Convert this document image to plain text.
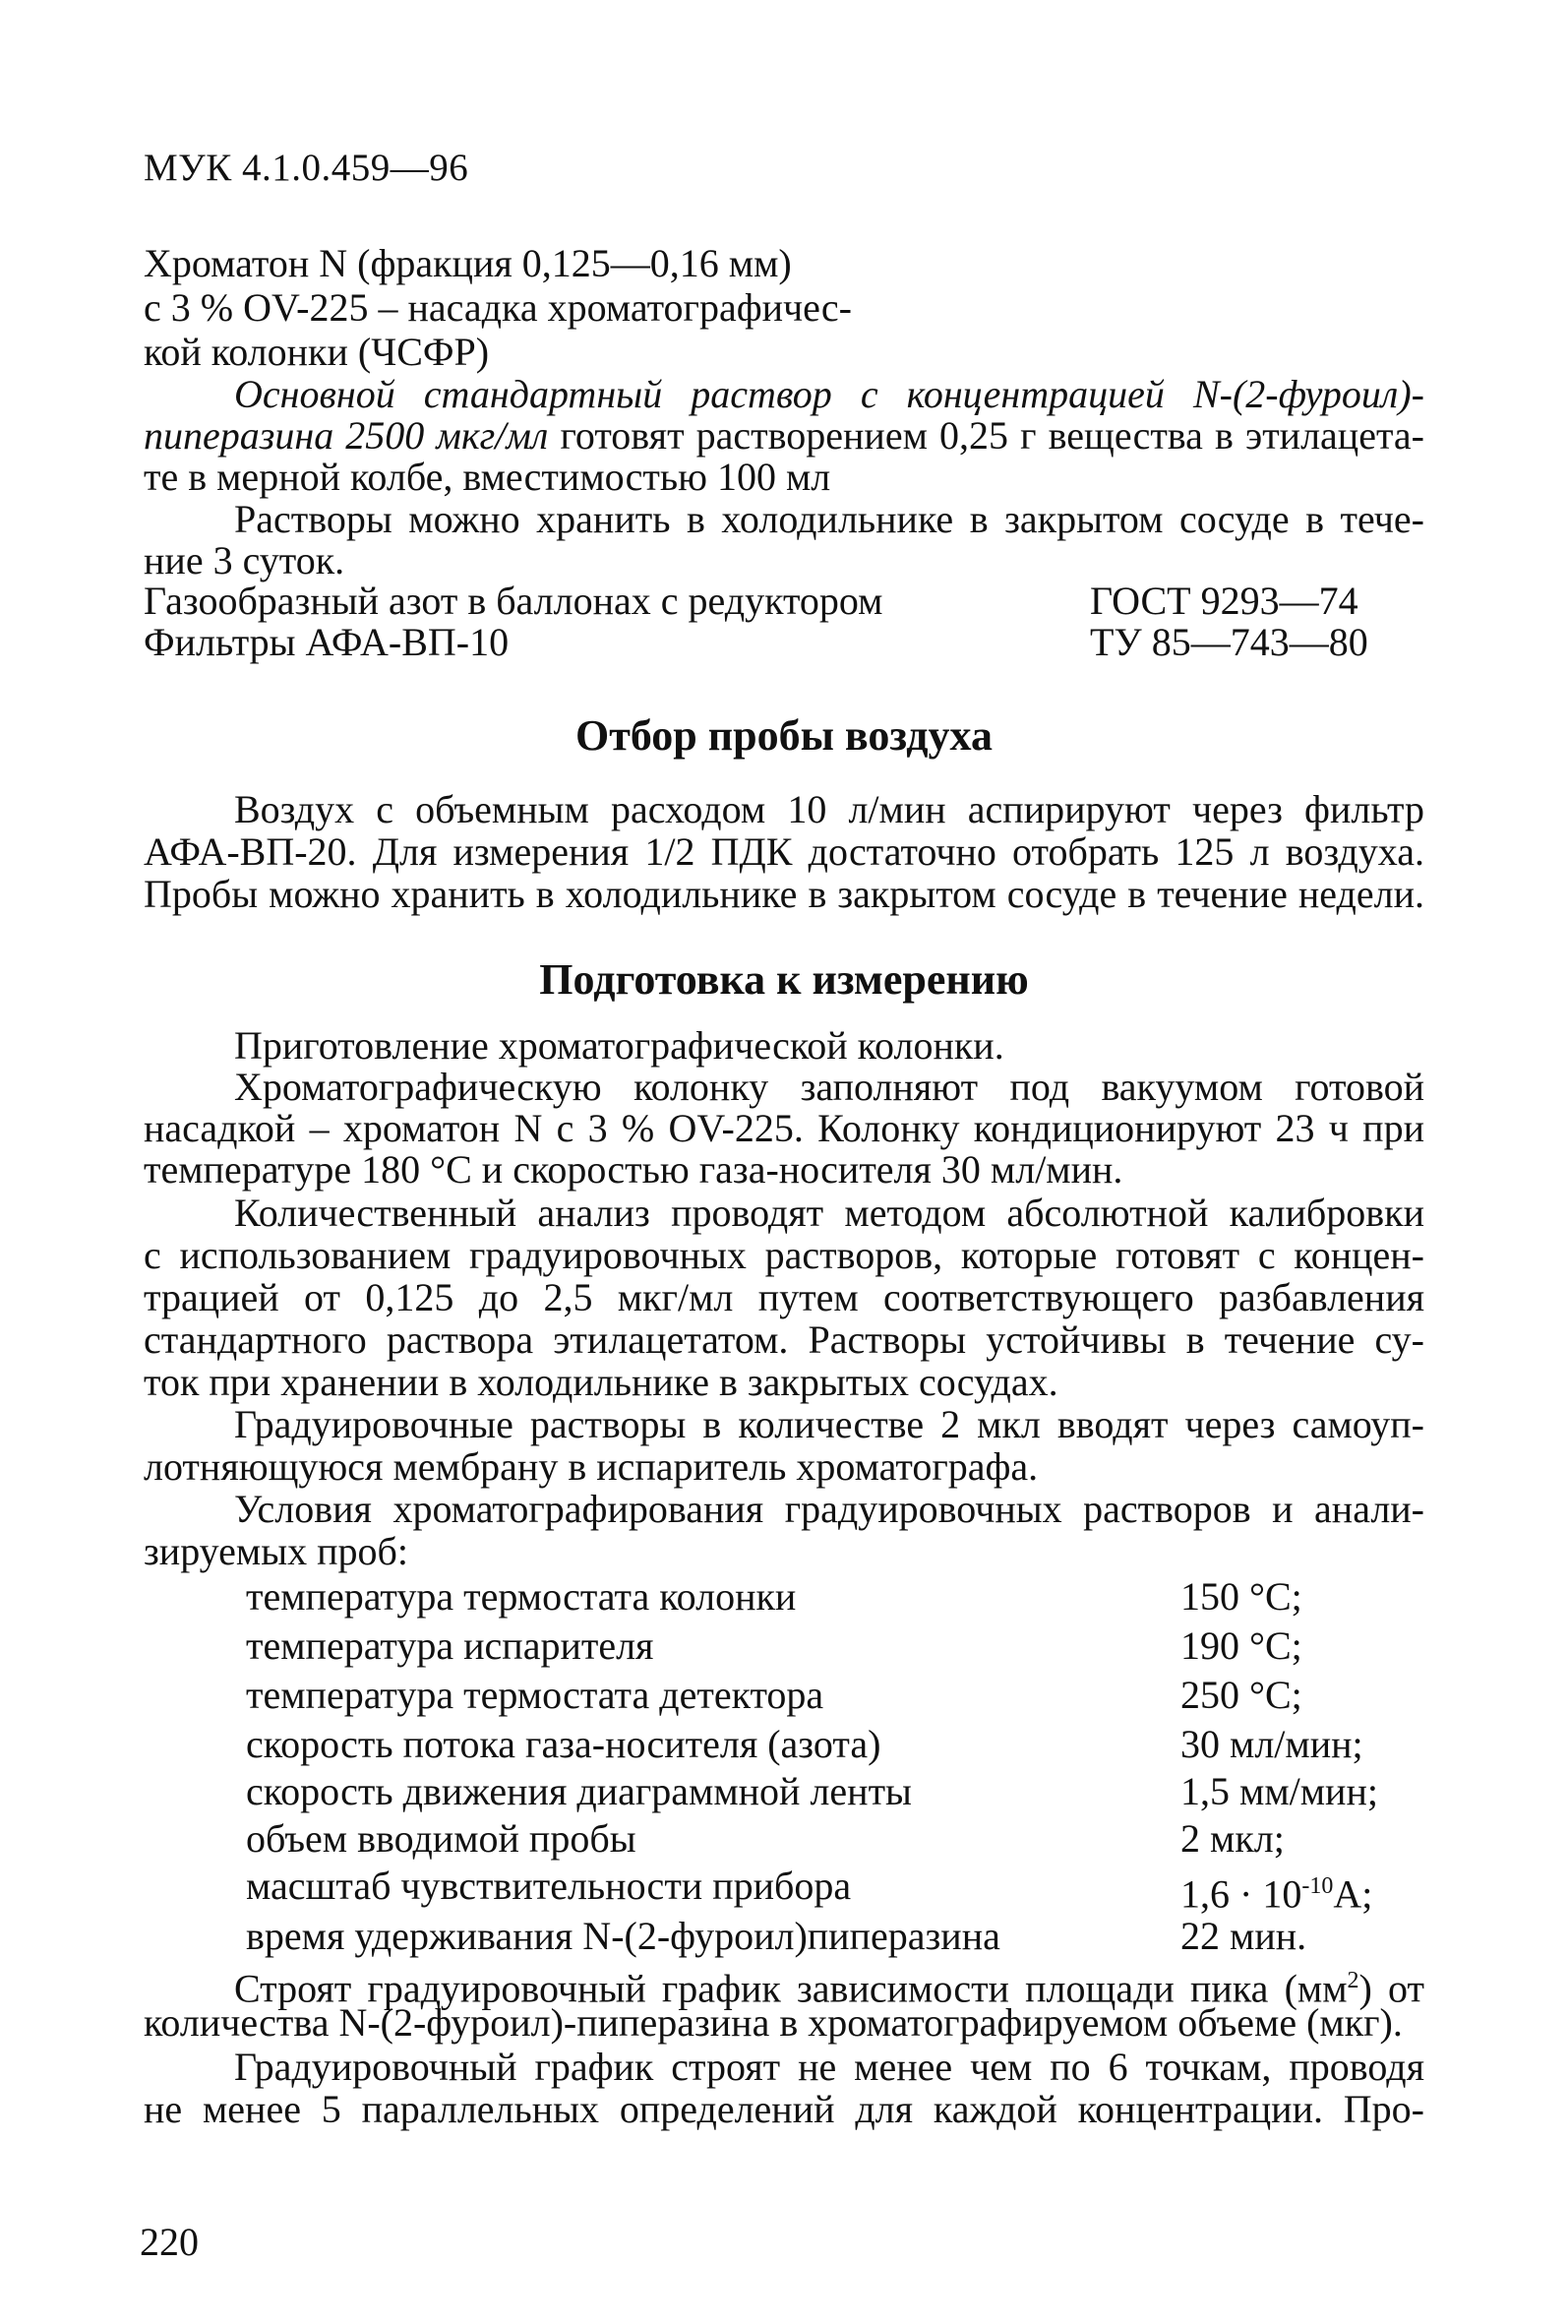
МУК 4.1.0.459—96
Хроматон N (фракция 0,125—0,16 мм)
с 3 % OV-225 – насадка хроматографичес-
кой колонки (ЧСФР)
Основной стандартный раствор с концентрацией N-(2-фуроил)-
пиперазина 2500 мкг/мл готовят растворением 0,25 г вещества в этилацета-
те в мерной колбе, вместимостью 100 мл
Растворы можно хранить в холодильнике в закрытом сосуде в тече-
ние 3 суток.
Газообразный азот в баллонах с редуктором	ГОСТ 9293—74
Фильтры АФА-ВП-10	ТУ 85—743—80
Отбор пробы воздуха
Воздух с объемным расходом 10 л/мин аспирируют через фильтр
АФА-ВП-20. Для измерения 1/2 ПДК достаточно отобрать 125 л воздуха.
Пробы можно хранить в холодильнике в закрытом сосуде в течение недели.
Подготовка к измерению
Приготовление хроматографической колонки.
Хроматографическую колонку заполняют под вакуумом готовой
насадкой – хроматон N с 3 % OV-225. Колонку кондиционируют 23 ч при
температуре 180 °С и скоростью газа-носителя 30 мл/мин.
Количественный анализ проводят методом абсолютной калибровки
с использованием градуировочных растворов, которые готовят с концен-
трацией от 0,125 до 2,5 мкг/мл путем соответствующего разбавления
стандартного раствора этилацетатом. Растворы устойчивы в течение су-
ток при хранении в холодильнике в закрытых сосудах.
Градуировочные растворы в количестве 2 мкл вводят через самоуп-
лотняющуюся мембрану в испаритель хроматографа.
Условия хроматографирования градуировочных растворов и анали-
зируемых проб:
температура термостата колонки	150 °С;
температура испарителя	190 °С;
температура термостата детектора	250 °С;
скорость потока газа-носителя (азота)	30 мл/мин;
скорость движения диаграммной ленты	1,5 мм/мин;
объем вводимой пробы	2 мкл;
масштаб чувствительности прибора	$1,6 \cdot 10^{-10}А$;
время удерживания N-(2-фуроил)пиперазина	22 мин.
Строят градуировочный график зависимости площади пика $(мм^2)$ от
количества N-(2-фуроил)-пиперазина в хроматографируемом объеме (мкг).
Градуировочный график строят не менее чем по 6 точкам, проводя
не менее 5 параллельных определений для каждой концентрации. Про-
220
